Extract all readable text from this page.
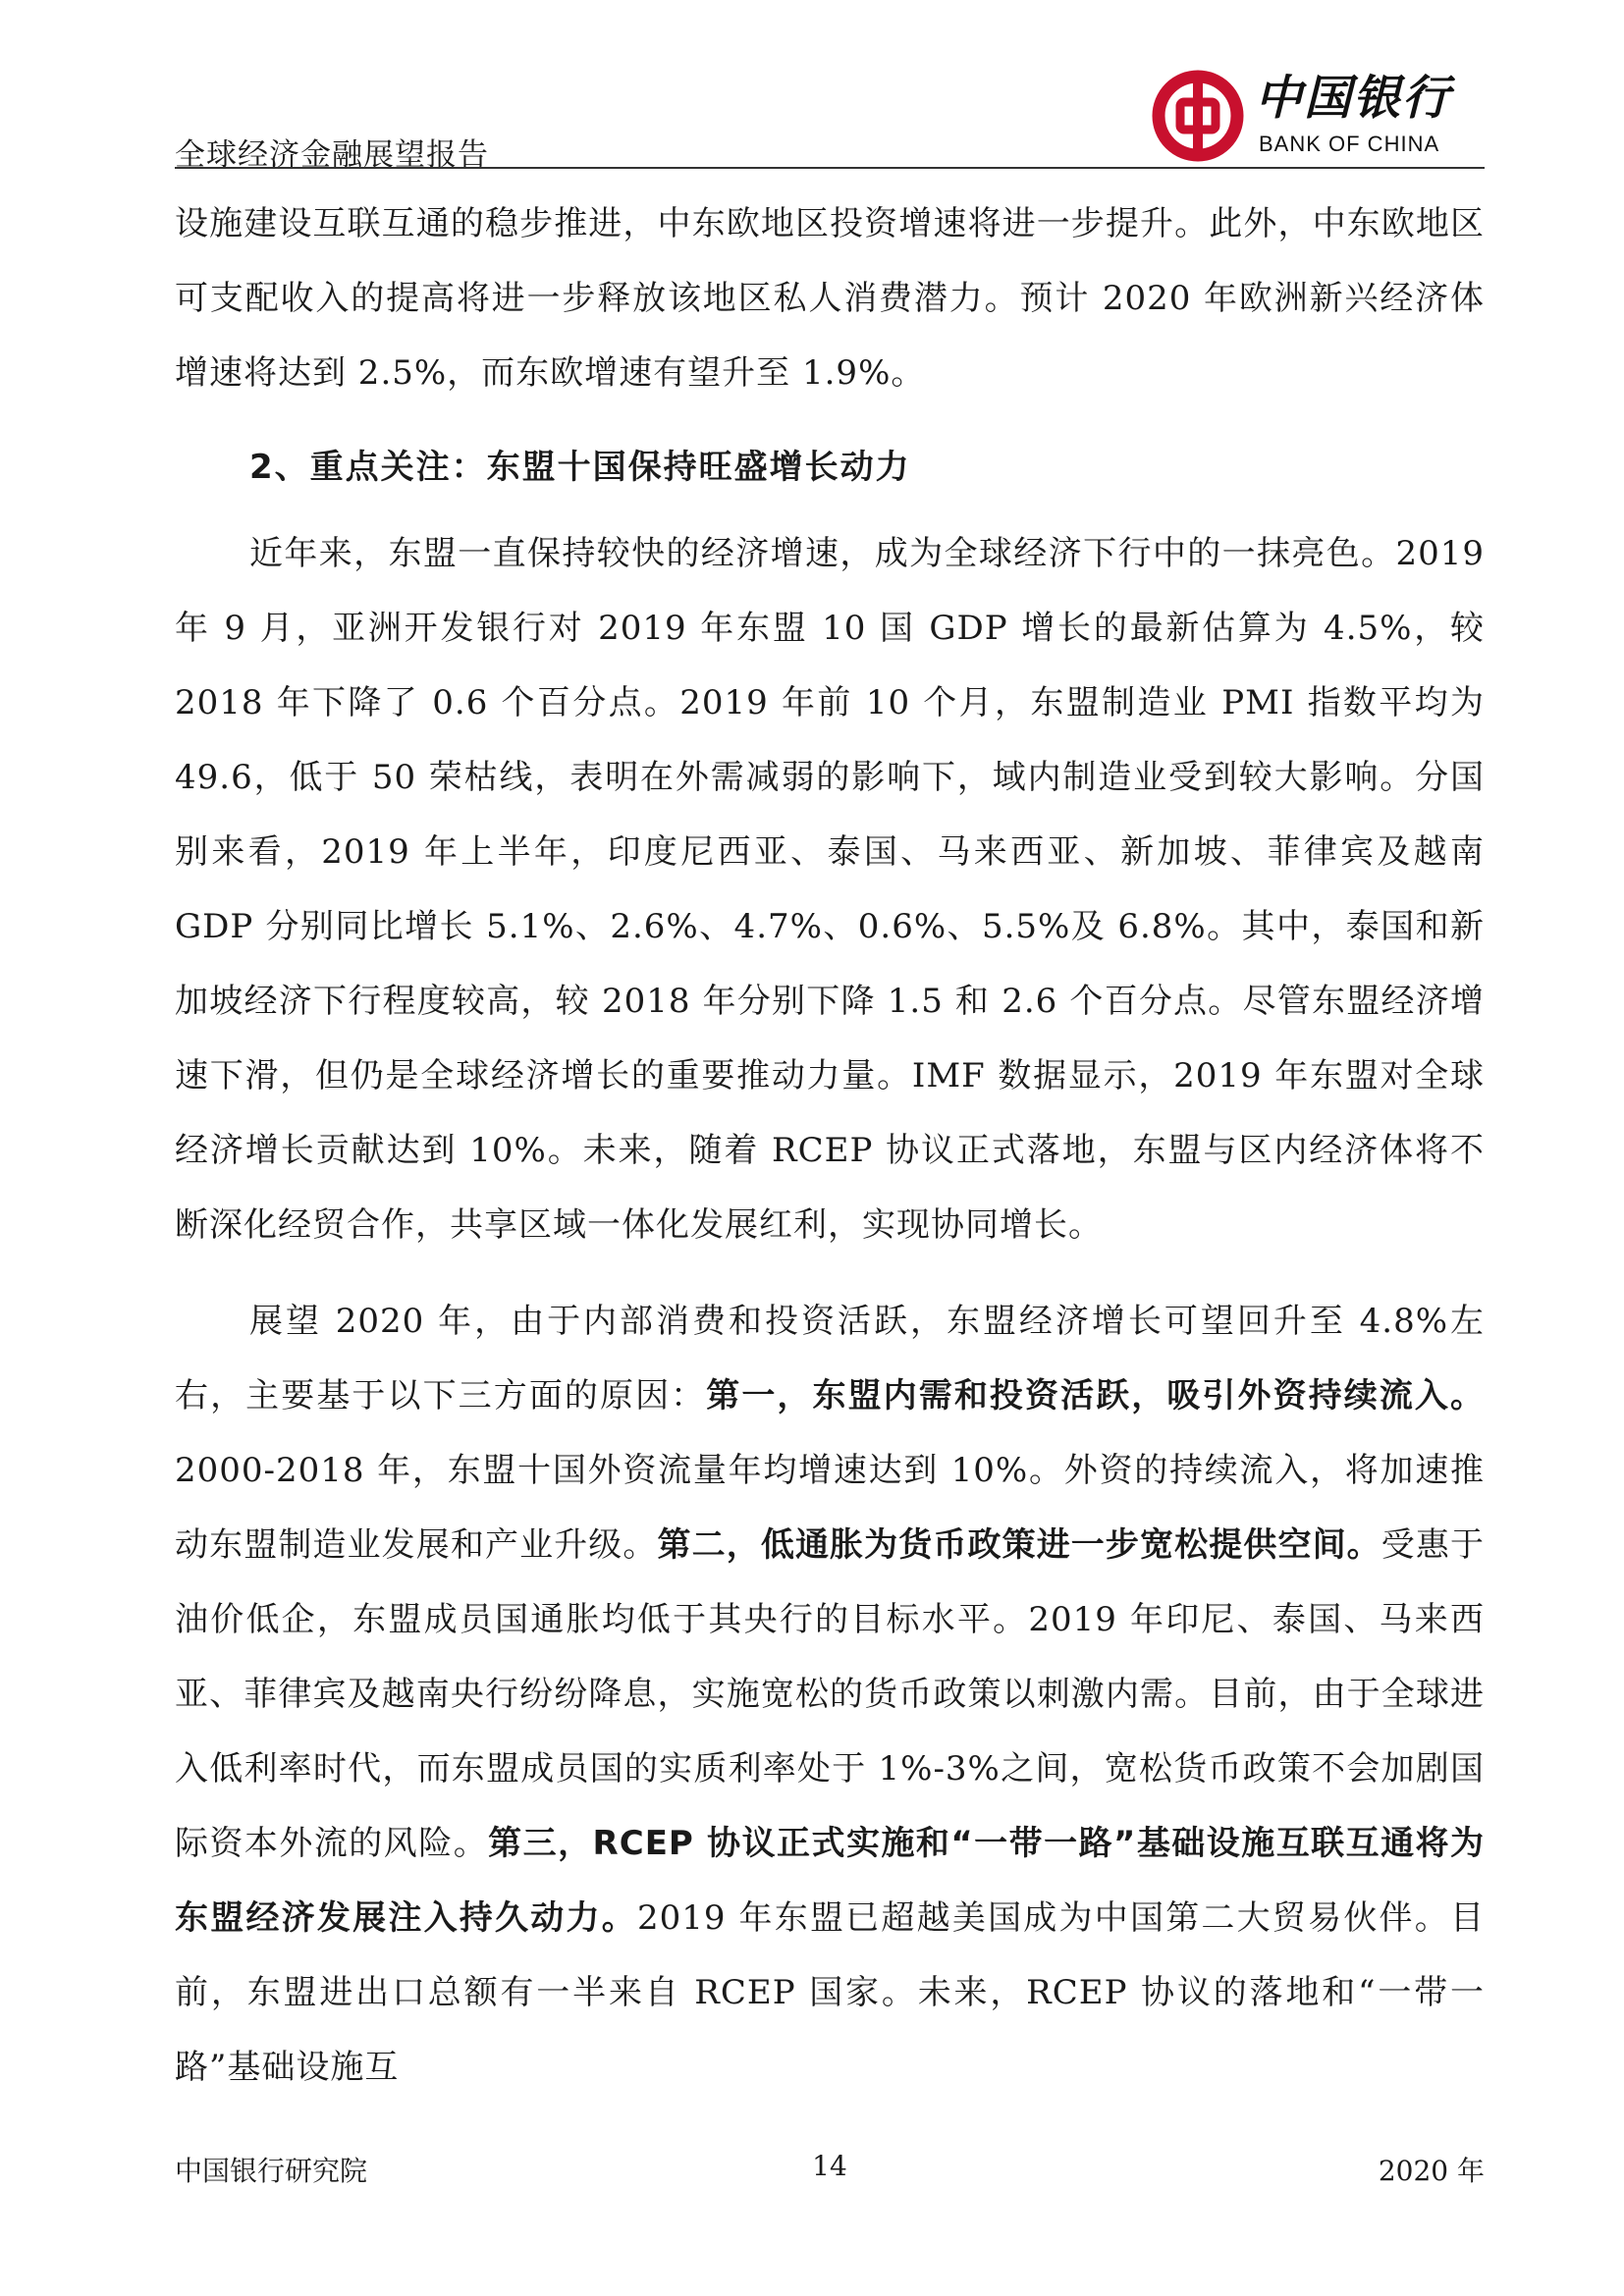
全球经济金融展望报告
中国银行
BANK OF CHINA

设施建设互联互通的稳步推进，中东欧地区投资增速将进一步提升。此外，中东欧地区可支配收入的提高将进一步释放该地区私人消费潜力。预计 2020 年欧洲新兴经济体增速将达到 2.5%，而东欧增速有望升至 1.9%。

2、重点关注：东盟十国保持旺盛增长动力

近年来，东盟一直保持较快的经济增速，成为全球经济下行中的一抹亮色。2019 年 9 月，亚洲开发银行对 2019 年东盟 10 国 GDP 增长的最新估算为 4.5%，较 2018 年下降了 0.6 个百分点。2019 年前 10 个月，东盟制造业 PMI 指数平均为 49.6，低于 50 荣枯线，表明在外需减弱的影响下，域内制造业受到较大影响。分国别来看，2019 年上半年，印度尼西亚、泰国、马来西亚、新加坡、菲律宾及越南 GDP 分别同比增长 5.1%、2.6%、4.7%、0.6%、5.5%及 6.8%。其中，泰国和新加坡经济下行程度较高，较 2018 年分别下降 1.5 和 2.6 个百分点。尽管东盟经济增速下滑，但仍是全球经济增长的重要推动力量。IMF 数据显示，2019 年东盟对全球经济增长贡献达到 10%。未来，随着 RCEP 协议正式落地，东盟与区内经济体将不断深化经贸合作，共享区域一体化发展红利，实现协同增长。

展望 2020 年，由于内部消费和投资活跃，东盟经济增长可望回升至 4.8%左右，主要基于以下三方面的原因：第一，东盟内需和投资活跃，吸引外资持续流入。2000-2018 年，东盟十国外资流量年均增速达到 10%。外资的持续流入，将加速推动东盟制造业发展和产业升级。第二，低通胀为货币政策进一步宽松提供空间。受惠于油价低企，东盟成员国通胀均低于其央行的目标水平。2019 年印尼、泰国、马来西亚、菲律宾及越南央行纷纷降息，实施宽松的货币政策以刺激内需。目前，由于全球进入低利率时代，而东盟成员国的实质利率处于 1%-3%之间，宽松货币政策不会加剧国际资本外流的风险。第三，RCEP 协议正式实施和“一带一路”基础设施互联互通将为东盟经济发展注入持久动力。2019 年东盟已超越美国成为中国第二大贸易伙伴。目前，东盟进出口总额有一半来自 RCEP 国家。未来，RCEP 协议的落地和“一带一路”基础设施互

中国银行研究院	14	2020 年
